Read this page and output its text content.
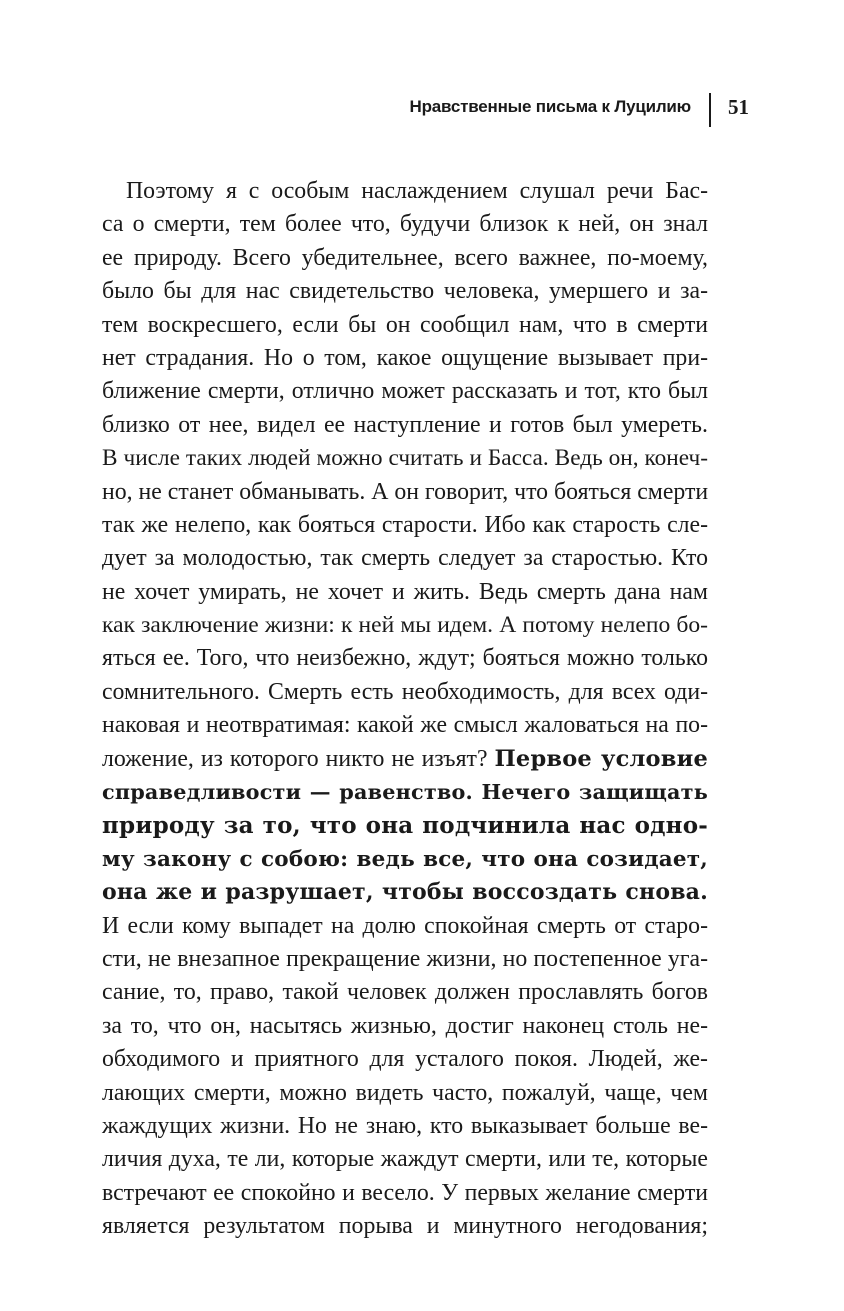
Нравственные письма к Луцилию 51
Поэтому я с особым наслаждением слушал речи Бас-
са о смерти, тем более что, будучи близок к ней, он знал
ее природу. Всего убедительнее, всего важнее, по-моему,
было бы для нас свидетельство человека, умершего и за-
тем воскресшего, если бы он сообщил нам, что в смерти
нет страдания. Но о том, какое ощущение вызывает при-
ближение смерти, отлично может рассказать и тот, кто был
близко от нее, видел ее наступление и готов был умереть.
В числе таких людей можно считать и Басса. Ведь он, конеч-
но, не станет обманывать. А он говорит, что бояться смерти
так же нелепо, как бояться старости. Ибо как старость сле-
дует за молодостью, так смерть следует за старостью. Кто
не хочет умирать, не хочет и жить. Ведь смерть дана нам
как заключение жизни: к ней мы идем. А потому нелепо бо-
яться ее. Того, что неизбежно, ждут; бояться можно только
сомнительного. Смерть есть необходимость, для всех оди-
наковая и неотвратимая: какой же смысл жаловаться на по-
ложение, из которого никто не изъят? Первое условие
справедливости — равенство. Нечего защищать
природу за то, что она подчинила нас одно-
му закону с собою: ведь все, что она созидает,
она же и разрушает, чтобы воссоздать снова.
И если кому выпадет на долю спокойная смерть от старо-
сти, не внезапное прекращение жизни, но постепенное уга-
сание, то, право, такой человек должен прославлять богов
за то, что он, насытясь жизнью, достиг наконец столь не-
обходимого и приятного для усталого покоя. Людей, же-
лающих смерти, можно видеть часто, пожалуй, чаще, чем
жаждущих жизни. Но не знаю, кто выказывает больше ве-
личия духа, те ли, которые жаждут смерти, или те, которые
встречают ее спокойно и весело. У первых желание смерти
является результатом порыва и минутного негодования;
